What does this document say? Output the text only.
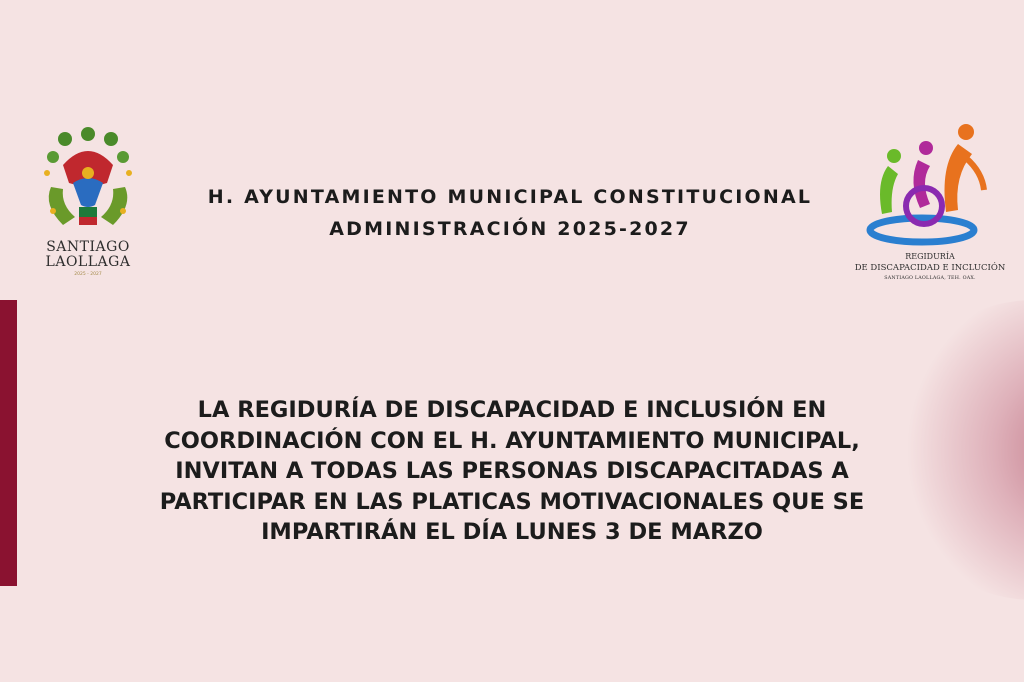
SANTIAGO
LAOLLAGA
2025 - 2027
H. AYUNTAMIENTO MUNICIPAL CONSTITUCIONAL
ADMINISTRACIÓN 2025-2027
REGIDURÍA
DE DISCAPACIDAD E INCLUCIÓN
SANTIAGO LAOLLAGA, TEH. OAX.
LA REGIDURÍA DE DISCAPACIDAD E INCLUSIÓN EN
COORDINACIÓN CON EL H. AYUNTAMIENTO MUNICIPAL,
INVITAN A TODAS LAS PERSONAS DISCAPACITADAS A
PARTICIPAR EN LAS PLATICAS MOTIVACIONALES QUE SE
IMPARTIRÁN EL DÍA LUNES 3 DE MARZO
